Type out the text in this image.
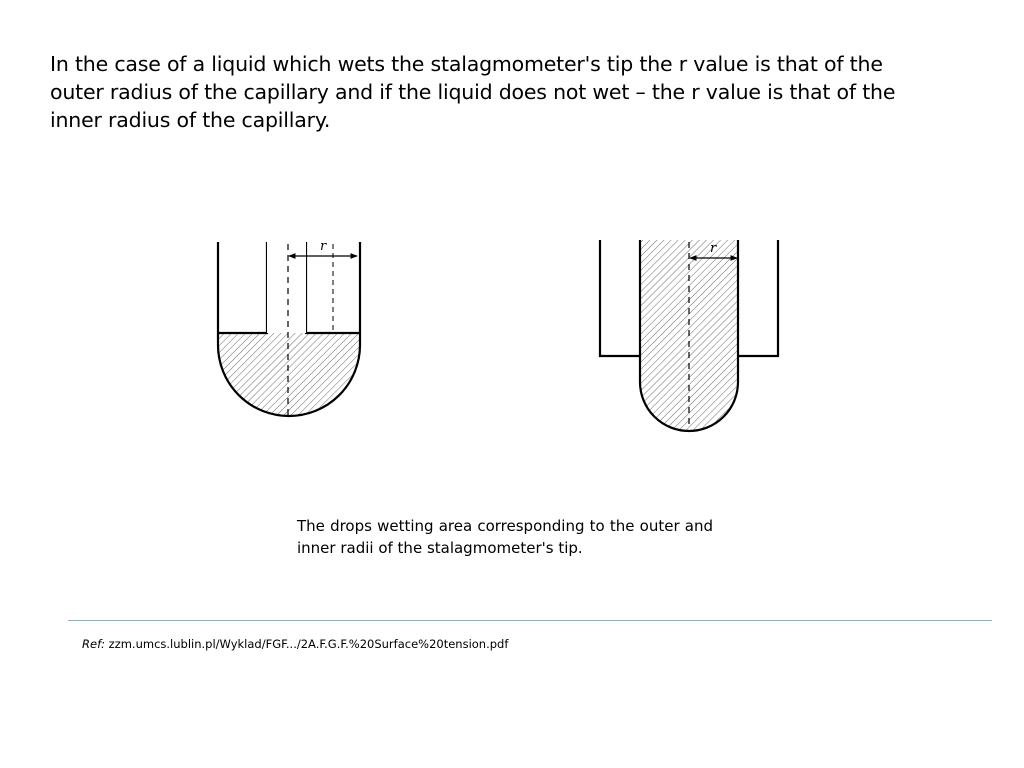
In the case of a liquid which wets the stalagmometer's tip the r value is that of the outer radius of the capillary and if the liquid does not wet – the r value is that of the inner radius of the capillary.

r	r

The drops wetting area corresponding to the outer and inner radii of the stalagmometer's tip.

Ref: zzm.umcs.lublin.pl/Wyklad/FGF.../2A.F.G.F.%20Surface%20tension.pdf
